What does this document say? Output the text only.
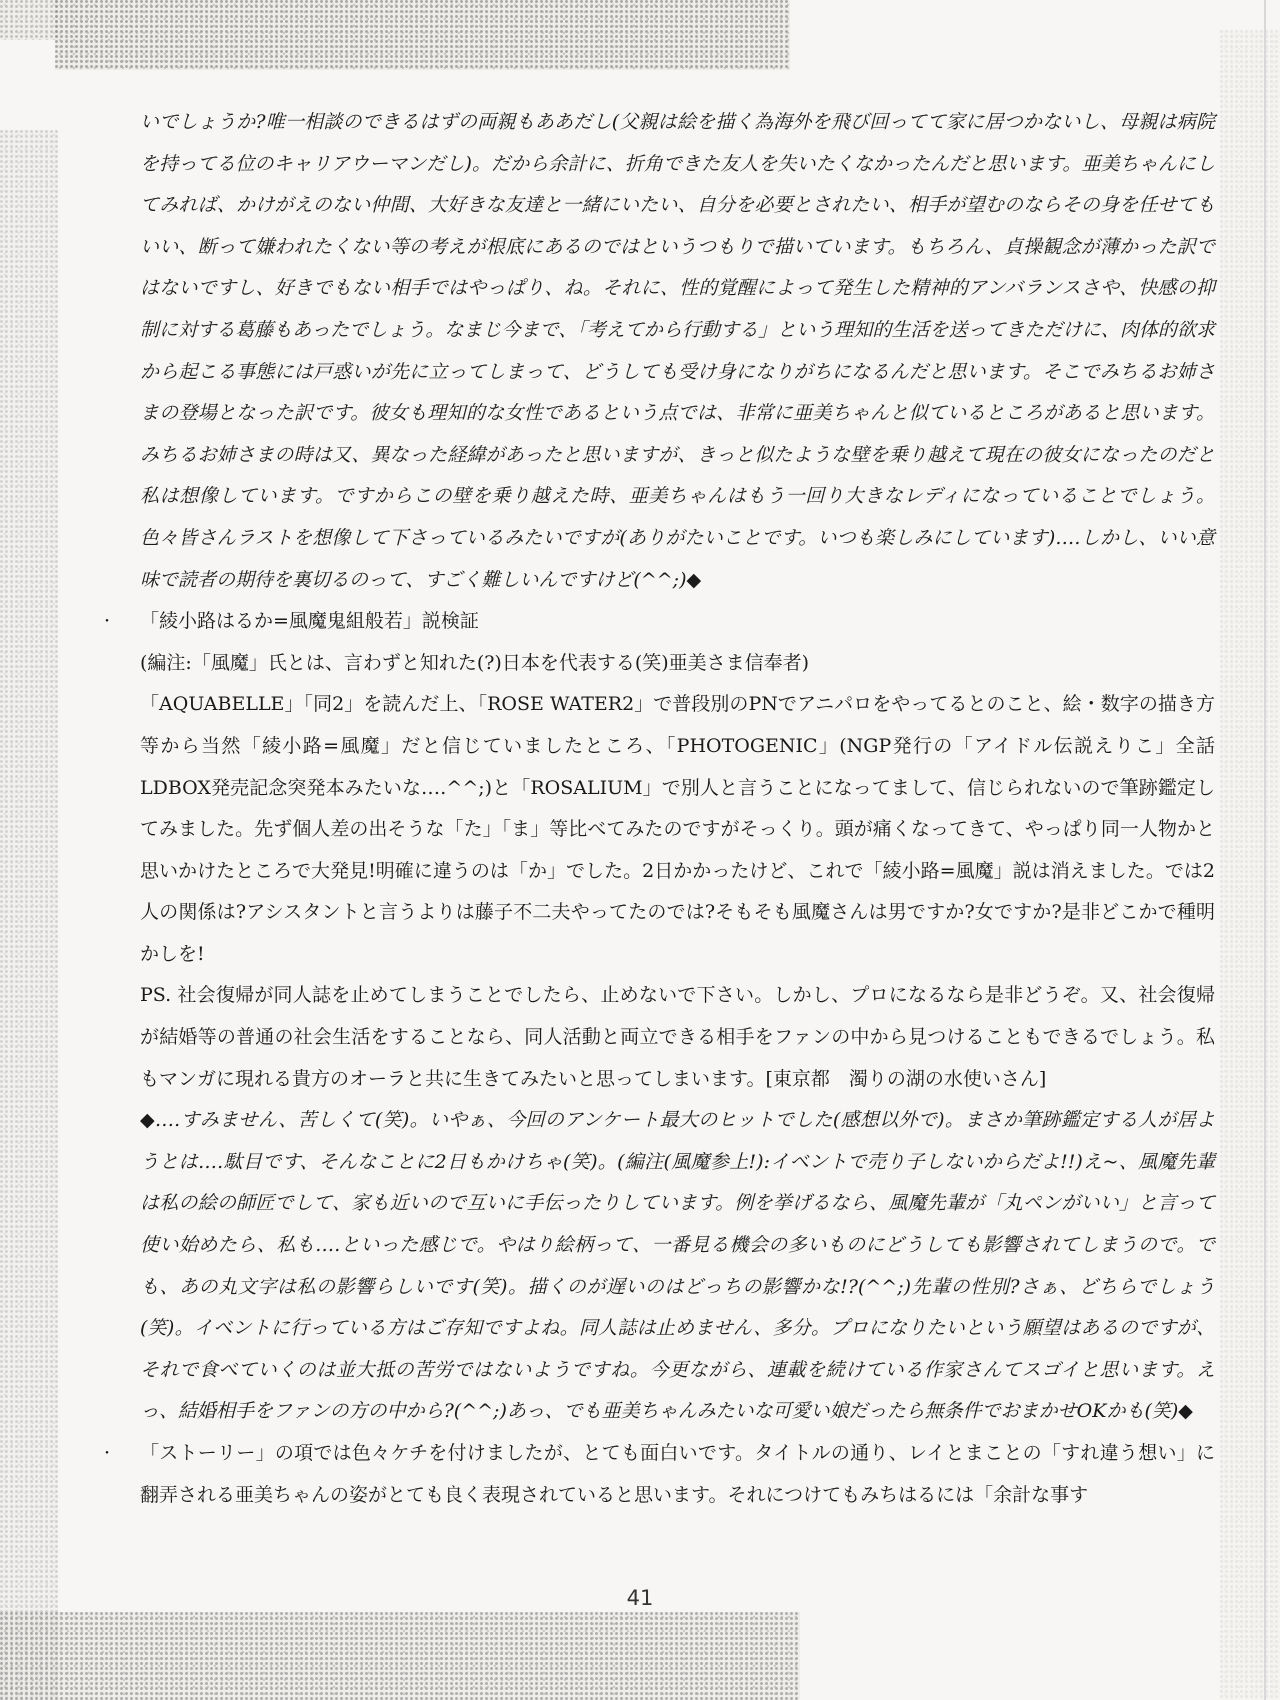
いでしょうか?唯一相談のできるはずの両親もああだし(父親は絵を描く為海外を飛び回ってて家に居つかないし、母親は病院を持ってる位のキャリアウーマンだし)。だから余計に、折角できた友人を失いたくなかったんだと思います。亜美ちゃんにしてみれば、かけがえのない仲間、大好きな友達と一緒にいたい、自分を必要とされたい、相手が望むのならその身を任せてもいい、断って嫌われたくない等の考えが根底にあるのではというつもりで描いています。もちろん、貞操観念が薄かった訳ではないですし、好きでもない相手ではやっぱり、ね。それに、性的覚醒によって発生した精神的アンバランスさや、快感の抑制に対する葛藤もあったでしょう。なまじ今まで、「考えてから行動する」という理知的生活を送ってきただけに、肉体的欲求から起こる事態には戸惑いが先に立ってしまって、どうしても受け身になりがちになるんだと思います。そこでみちるお姉さまの登場となった訳です。彼女も理知的な女性であるという点では、非常に亜美ちゃんと似ているところがあると思います。みちるお姉さまの時は又、異なった経緯があったと思いますが、きっと似たような壁を乗り越えて現在の彼女になったのだと私は想像しています。ですからこの壁を乗り越えた時、亜美ちゃんはもう一回り大きなレディになっていることでしょう。色々皆さんラストを想像して下さっているみたいですが(ありがたいことです。いつも楽しみにしています)‥‥しかし、いい意味で読者の期待を裏切るのって、すごく難しいんですけど(^^;)◆

・ 「綾小路はるか=風魔鬼組般若」説検証

(編注:「風魔」氏とは、言わずと知れた(?)日本を代表する(笑)亜美さま信奉者)

「AQUABELLE」「同2」を読んだ上、「ROSE WATER2」で普段別のPNでアニパロをやってるとのこと、絵・数字の描き方等から当然「綾小路=風魔」だと信じていましたところ、「PHOTOGENIC」(NGP発行の「アイドル伝説えりこ」全話LDBOX発売記念突発本みたいな‥‥^^;)と「ROSALIUM」で別人と言うことになってまして、信じられないので筆跡鑑定してみました。先ず個人差の出そうな「た」「ま」等比べてみたのですがそっくり。頭が痛くなってきて、やっぱり同一人物かと思いかけたところで大発見!明確に違うのは「か」でした。2日かかったけど、これで「綾小路=風魔」説は消えました。では2人の関係は?アシスタントと言うよりは藤子不二夫やってたのでは?そもそも風魔さんは男ですか?女ですか?是非どこかで種明かしを!

PS. 社会復帰が同人誌を止めてしまうことでしたら、止めないで下さい。しかし、プロになるなら是非どうぞ。又、社会復帰が結婚等の普通の社会生活をすることなら、同人活動と両立できる相手をファンの中から見つけることもできるでしょう。私もマンガに現れる貴方のオーラと共に生きてみたいと思ってしまいます。[東京都　濁りの湖の水使いさん]

◆‥‥すみません、苦しくて(笑)。いやぁ、今回のアンケート最大のヒットでした(感想以外で)。まさか筆跡鑑定する人が居ようとは‥‥駄目です、そんなことに2日もかけちゃ(笑)。(編注(風魔参上!):イベントで売り子しないからだよ!!)え~、風魔先輩は私の絵の師匠でして、家も近いので互いに手伝ったりしています。例を挙げるなら、風魔先輩が「丸ペンがいい」と言って使い始めたら、私も‥‥といった感じで。やはり絵柄って、一番見る機会の多いものにどうしても影響されてしまうので。でも、あの丸文字は私の影響らしいです(笑)。描くのが遅いのはどっちの影響かな!?(^^;)先輩の性別?さぁ、どちらでしょう(笑)。イベントに行っている方はご存知ですよね。同人誌は止めません、多分。プロになりたいという願望はあるのですが、それで食べていくのは並大抵の苦労ではないようですね。今更ながら、連載を続けている作家さんてスゴイと思います。えっ、結婚相手をファンの方の中から?(^^;)あっ、でも亜美ちゃんみたいな可愛い娘だったら無条件でおまかせOKかも(笑)◆

・ 「ストーリー」の項では色々ケチを付けましたが、とても面白いです。タイトルの通り、レイとまことの「すれ違う想い」に翻弄される亜美ちゃんの姿がとても良く表現されていると思います。それにつけてもみちはるには「余計な事す

41
